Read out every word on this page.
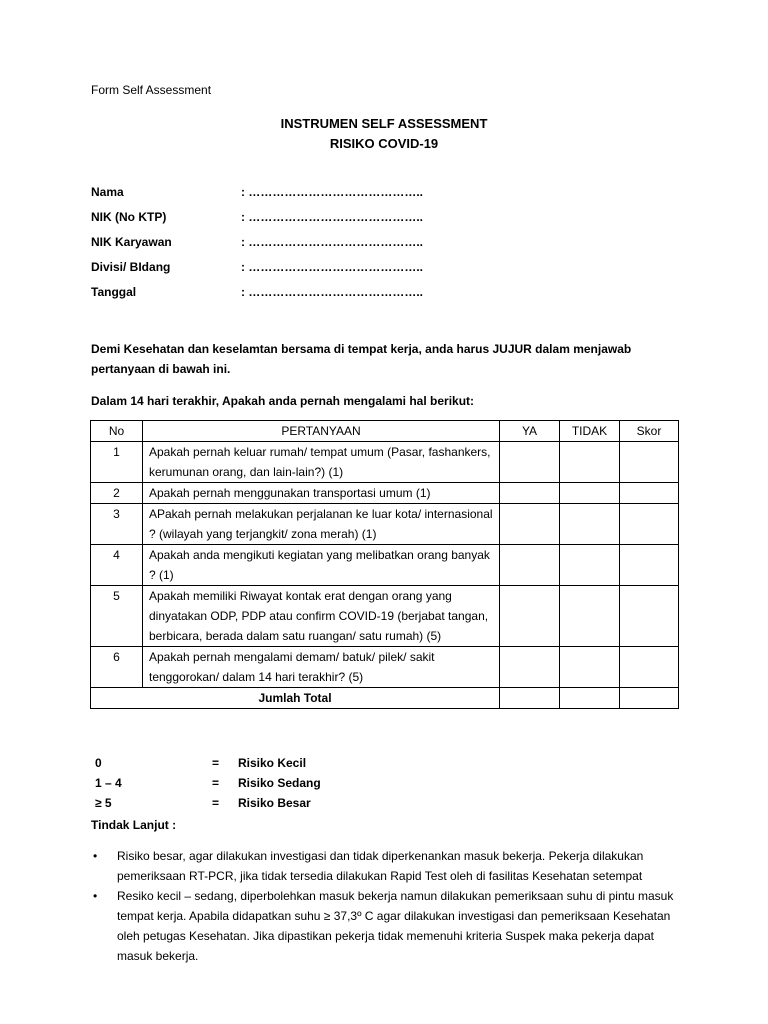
Form Self Assessment
INSTRUMEN SELF ASSESSMENT
RISIKO COVID-19
Nama	: ……………………………………..
NIK (No KTP)	: ……………………………………..
NIK Karyawan	: ……………………………………..
Divisi/ BIdang	: ……………………………………..
Tanggal	: ……………………………………..
Demi Kesehatan dan keselamtan bersama di tempat kerja, anda harus JUJUR dalam menjawab pertanyaan di bawah ini.
Dalam 14 hari terakhir, Apakah anda pernah mengalami hal berikut:
No	PERTANYAAN	YA	TIDAK	Skor
1	Apakah pernah keluar rumah/ tempat umum (Pasar, fashankers, kerumunan orang, dan lain-lain?) (1)			
2	Apakah pernah menggunakan transportasi umum (1)			
3	APakah pernah melakukan perjalanan ke luar kota/ internasional ? (wilayah yang terjangkit/ zona merah) (1)			
4	Apakah anda mengikuti kegiatan yang melibatkan orang banyak ? (1)			
5	Apakah memiliki Riwayat kontak erat dengan orang yang dinyatakan ODP, PDP atau confirm COVID-19 (berjabat tangan, berbicara, berada dalam satu ruangan/ satu rumah) (5)			
6	Apakah pernah mengalami demam/ batuk/ pilek/ sakit tenggorokan/ dalam 14 hari terakhir? (5)			
Jumlah Total				
0	= Risiko Kecil
1 – 4	= Risiko Sedang
≥ 5	= Risiko Besar
Tindak Lanjut :
• Risiko besar, agar dilakukan investigasi dan tidak diperkenankan masuk bekerja. Pekerja dilakukan pemeriksaan RT-PCR, jika tidak tersedia dilakukan Rapid Test oleh di fasilitas Kesehatan setempat
• Resiko kecil – sedang, diperbolehkan masuk bekerja namun dilakukan pemeriksaan suhu di pintu masuk tempat kerja. Apabila didapatkan suhu ≥ 37,3º C agar dilakukan investigasi dan pemeriksaan Kesehatan oleh petugas Kesehatan. Jika dipastikan pekerja tidak memenuhi kriteria Suspek maka pekerja dapat masuk bekerja.
